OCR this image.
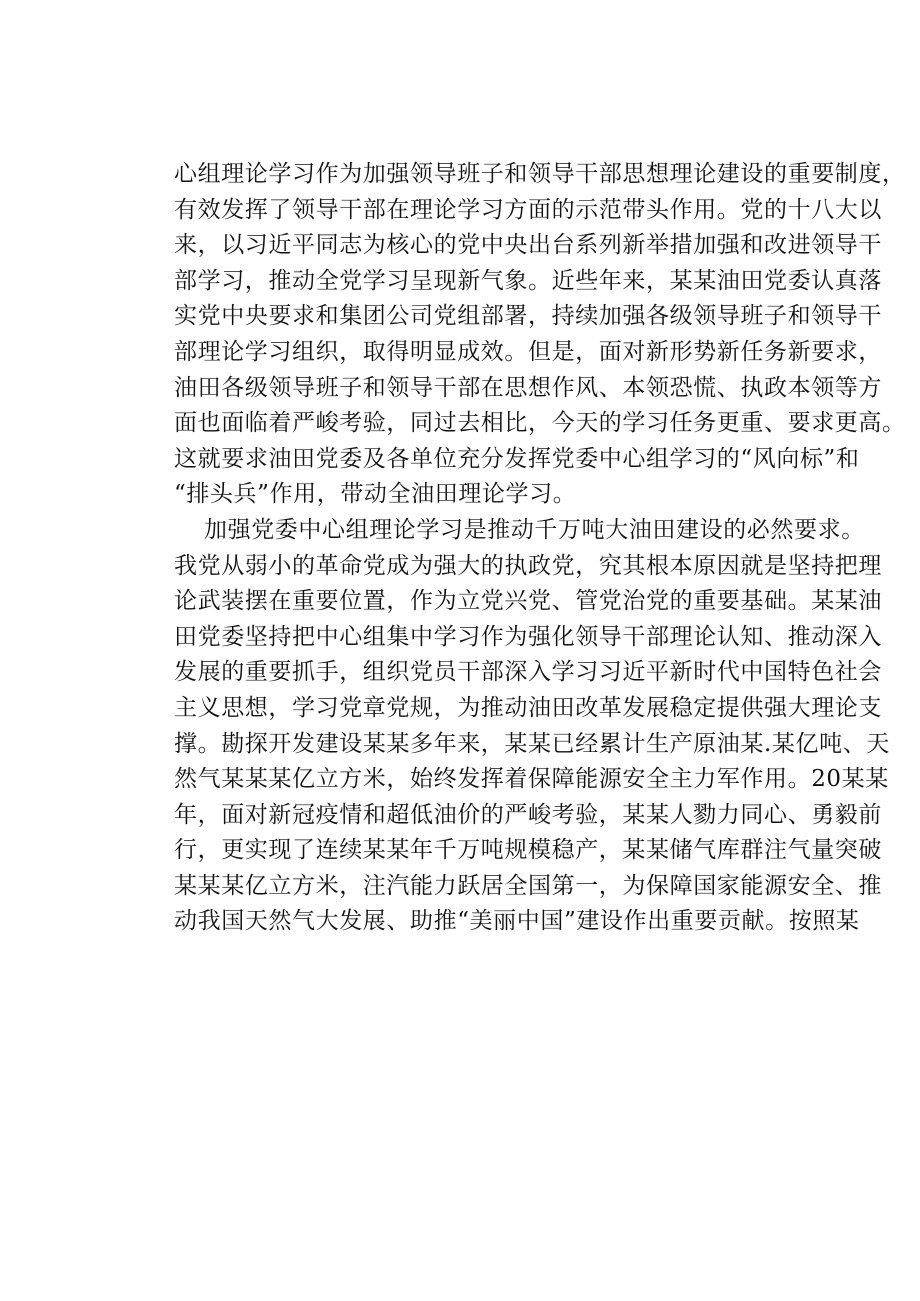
心组理论学习作为加强领导班子和领导干部思想理论建设的重要制度，
有效发挥了领导干部在理论学习方面的示范带头作用。党的十八大以
来，以习近平同志为核心的党中央出台系列新举措加强和改进领导干
部学习，推动全党学习呈现新气象。近些年来，某某油田党委认真落
实党中央要求和集团公司党组部署，持续加强各级领导班子和领导干
部理论学习组织，取得明显成效。但是，面对新形势新任务新要求，
油田各级领导班子和领导干部在思想作风、本领恐慌、执政本领等方
面也面临着严峻考验，同过去相比，今天的学习任务更重、要求更高。
这就要求油田党委及各单位充分发挥党委中心组学习的“风向标”和
“排头兵”作用，带动全油田理论学习。
加强党委中心组理论学习是推动千万吨大油田建设的必然要求。
我党从弱小的革命党成为强大的执政党，究其根本原因就是坚持把理
论武装摆在重要位置，作为立党兴党、管党治党的重要基础。某某油
田党委坚持把中心组集中学习作为强化领导干部理论认知、推动深入
发展的重要抓手，组织党员干部深入学习习近平新时代中国特色社会
主义思想，学习党章党规，为推动油田改革发展稳定提供强大理论支
撑。勘探开发建设某某多年来，某某已经累计生产原油某.某亿吨、天
然气某某某亿立方米，始终发挥着保障能源安全主力军作用。20某某
年，面对新冠疫情和超低油价的严峻考验，某某人勠力同心、勇毅前
行，更实现了连续某某年千万吨规模稳产，某某储气库群注气量突破
某某某亿立方米，注汽能力跃居全国第一，为保障国家能源安全、推
动我国天然气大发展、助推“美丽中国”建设作出重要贡献。按照某
